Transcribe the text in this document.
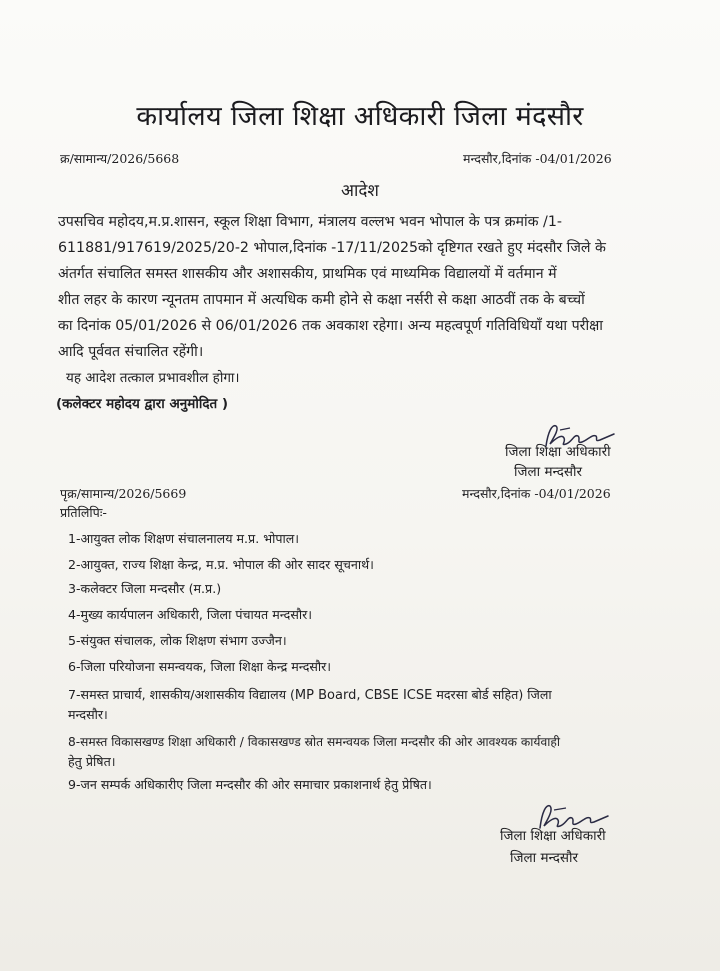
कार्यालय जिला शिक्षा अधिकारी जिला मंदसौर
क्र/सामान्य/2026/5668	मन्दसौर,दिनांक -04/01/2026
आदेश
उपसचिव महोदय,म.प्र.शासन, स्कूल शिक्षा विभाग, मंत्रालय वल्लभ भवन भोपाल के पत्र क्रमांक /1-
611881/917619/2025/20-2 भोपाल,दिनांक -17/11/2025को दृष्टिगत रखते हुए मंदसौर जिले के
अंतर्गत संचालित समस्त शासकीय और अशासकीय, प्राथमिक एवं माध्यमिक विद्यालयों में वर्तमान में
शीत लहर के कारण न्यूनतम तापमान में अत्यधिक कमी होने से कक्षा नर्सरी से कक्षा आठवीं तक के बच्चों
का दिनांक 05/01/2026 से 06/01/2026 तक अवकाश रहेगा। अन्य महत्वपूर्ण गतिविधियाँ यथा परीक्षा
आदि पूर्ववत संचालित रहेंगी।
यह आदेश तत्काल प्रभावशील होगा।
(कलेक्टर महोदय द्वारा अनुमोदित )
जिला शिक्षा अधिकारी
जिला मन्दसौर
पृक्र/सामान्य/2026/5669	मन्दसौर,दिनांक -04/01/2026
प्रतिलिपिः-
1-आयुक्त लोक शिक्षण संचालनालय म.प्र. भोपाल।
2-आयुक्त, राज्य शिक्षा केन्द्र, म.प्र. भोपाल की ओर सादर सूचनार्थ।
3-कलेक्टर जिला मन्दसौर (म.प्र.)
4-मुख्य कार्यपालन अधिकारी, जिला पंचायत मन्दसौर।
5-संयुक्त संचालक, लोक शिक्षण संभाग उज्जैन।
6-जिला परियोजना समन्वयक, जिला शिक्षा केन्द्र मन्दसौर।
7-समस्त प्राचार्य, शासकीय/अशासकीय विद्यालय (MP Board, CBSE ICSE मदरसा बोर्ड सहित) जिला
मन्दसौर।
8-समस्त विकासखण्ड शिक्षा अधिकारी / विकासखण्ड स्रोत समन्वयक जिला मन्दसौर की ओर आवश्यक कार्यवाही
हेतु प्रेषित।
9-जन सम्पर्क अधिकारीए जिला मन्दसौर की ओर समाचार प्रकाशनार्थ हेतु प्रेषित।
जिला शिक्षा अधिकारी
जिला मन्दसौर
